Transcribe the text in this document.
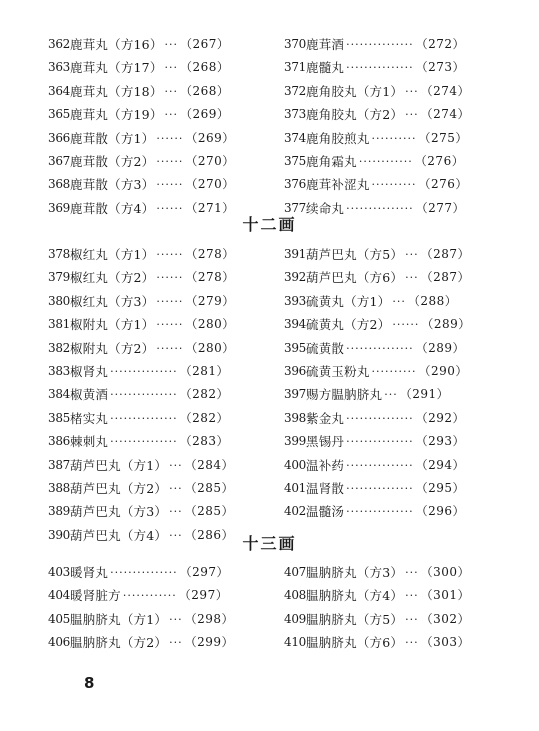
362 鹿茸丸（方16） ··· （267）
363 鹿茸丸（方17） ··· （268）
364 鹿茸丸（方18） ··· （268）
365 鹿茸丸（方19） ··· （269）
366 鹿茸散（方1） ······ （269）
367 鹿茸散（方2） ······ （270）
368 鹿茸散（方3） ······ （270）
369 鹿茸散（方4） ······ （271）
370 鹿茸酒 ··············· （272）
371 鹿髓丸 ··············· （273）
372 鹿角胶丸（方1） ··· （274）
373 鹿角胶丸（方2） ··· （274）
374 鹿角胶煎丸 ·········· （275）
375 鹿角霜丸 ············ （276）
376 鹿茸补涩丸 ·········· （276）
377 续命丸 ··············· （277）
十二画
378 椒红丸（方1） ······ （278）
379 椒红丸（方2） ······ （278）
380 椒红丸（方3） ······ （279）
381 椒附丸（方1） ······ （280）
382 椒附丸（方2） ······ （280）
383 椒肾丸 ··············· （281）
384 椒黄酒 ··············· （282）
385 楮实丸 ··············· （282）
386 棘刺丸 ··············· （283）
387 葫芦巴丸（方1） ··· （284）
388 葫芦巴丸（方2） ··· （285）
389 葫芦巴丸（方3） ··· （285）
390 葫芦巴丸（方4） ··· （286）
391 葫芦巴丸（方5） ··· （287）
392 葫芦巴丸（方6） ··· （287）
393 硫黄丸（方1） ··· （288）
394 硫黄丸（方2） ······ （289）
395 硫黄散 ··············· （289）
396 硫黄玉粉丸 ·········· （290）
397 赐方腽肭脐丸 ··· （291）
398 紫金丸 ··············· （292）
399 黑锡丹 ··············· （293）
400 温补药 ··············· （294）
401 温肾散 ··············· （295）
402 温髓汤 ··············· （296）
十三画
403 暖肾丸 ··············· （297）
404 暖肾脏方 ············ （297）
405 腽肭脐丸（方1） ··· （298）
406 腽肭脐丸（方2） ··· （299）
407 腽肭脐丸（方3） ··· （300）
408 腽肭脐丸（方4） ··· （301）
409 腽肭脐丸（方5） ··· （302）
410 腽肭脐丸（方6） ··· （303）
8
